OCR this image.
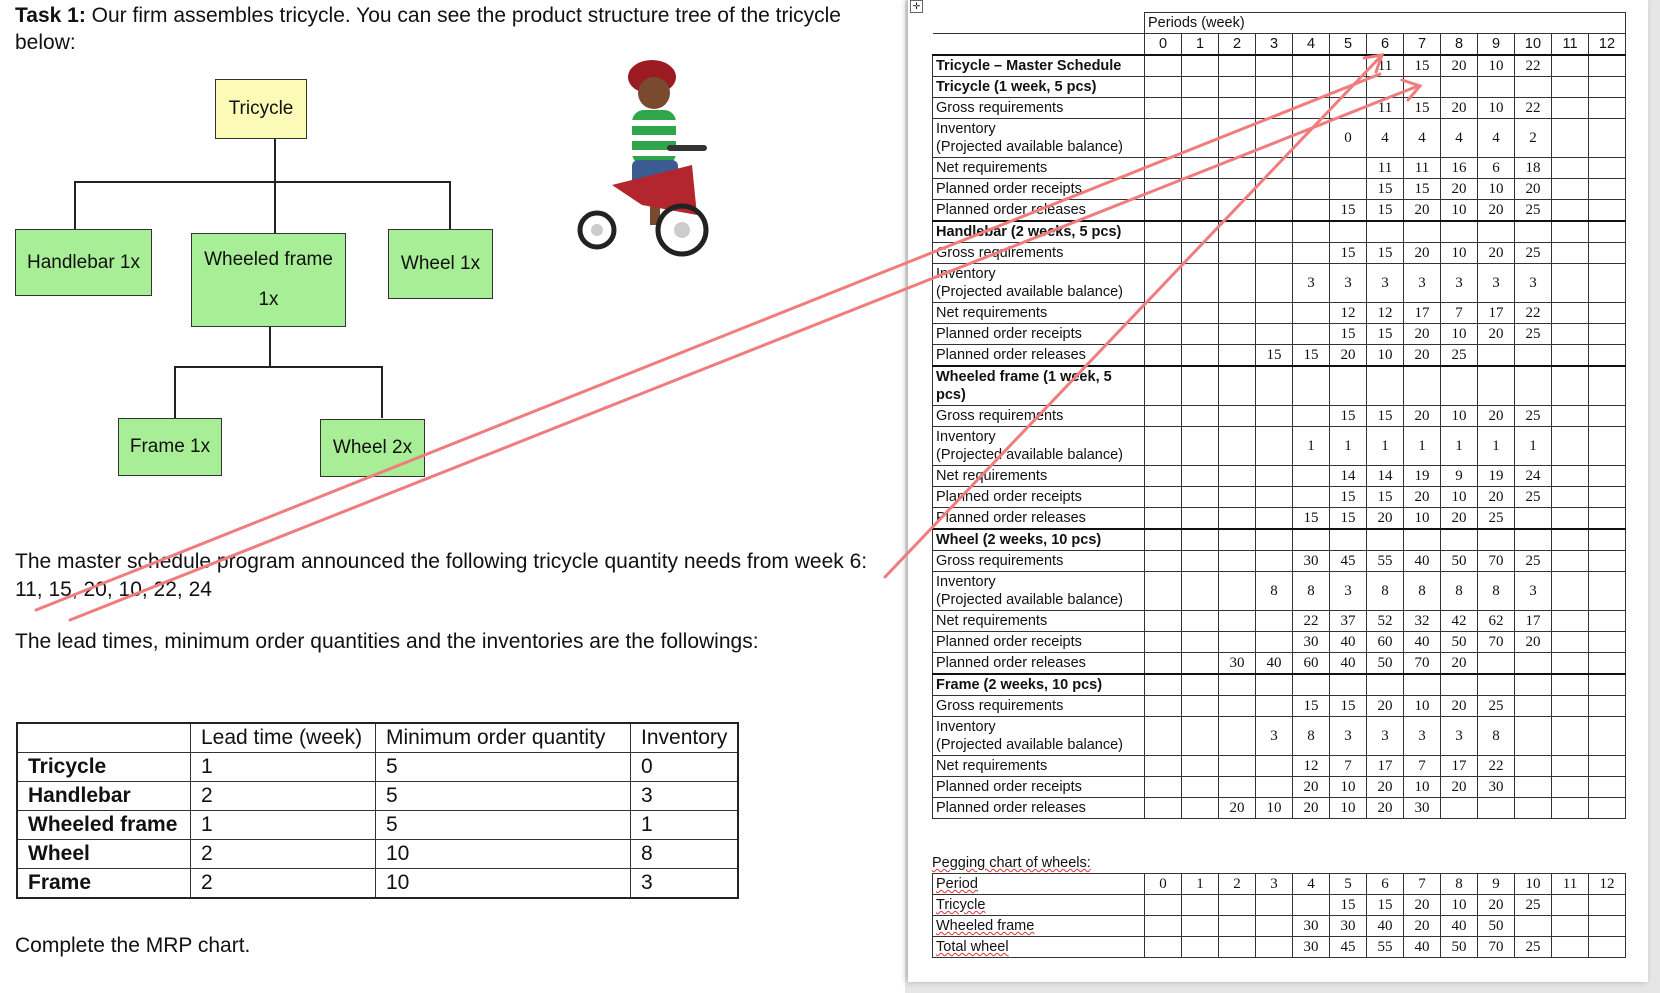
Task 1: Our firm assembles tricycle. You can see the product structure tree of the tricycle below:
Tricycle
Handlebar 1x	Wheeled frame

1x
Wheel 1x
Frame 1x	Wheel 2x
The master schedule program announced the following tricycle quantity needs from week 6: 11, 15, 20, 10, 22, 24
The lead times, minimum order quantities and the inventories are the followings:
	Lead time (week)	Minimum order quantity	Inventory
Tricycle	1	5	0
Handlebar	2	5	3
Wheeled frame	1	5	1
Wheel	2	10	8
Frame	2	10	3
Complete the MRP chart.
✛
	Periods (week)												
	0	1	2	3	4	5	6	7	8	9	10	11	12
Tricycle – Master Schedule							11	15	20	10	22		
Tricycle (1 week, 5 pcs)													
Gross requirements							11	15	20	10	22		
Inventory
(Projected available balance)						0	4	4	4	4	2		
Net requirements							11	11	16	6	18		
Planned order receipts							15	15	20	10	20		
Planned order releases						15	15	20	10	20	25		
Handlebar (2 weeks, 5 pcs)													
Gross requirements						15	15	20	10	20	25		
Inventory
(Projected available balance)					3	3	3	3	3	3	3		
Net requirements						12	12	17	7	17	22		
Planned order receipts						15	15	20	10	20	25		
Planned order releases				15	15	20	10	20	25				
Wheeled frame (1 week, 5 pcs)													
Gross requirements						15	15	20	10	20	25		
Inventory
(Projected available balance)					1	1	1	1	1	1	1		
Net requirements						14	14	19	9	19	24		
Planned order receipts						15	15	20	10	20	25		
Planned order releases					15	15	20	10	20	25			
Wheel (2 weeks, 10 pcs)													
Gross requirements					30	45	55	40	50	70	25		
Inventory
(Projected available balance)				8	8	3	8	8	8	8	3		
Net requirements					22	37	52	32	42	62	17		
Planned order receipts					30	40	60	40	50	70	20		
Planned order releases			30	40	60	40	50	70	20				
Frame (2 weeks, 10 pcs)													
Gross requirements					15	15	20	10	20	25			
Inventory
(Projected available balance)				3	8	3	3	3	3	8			
Net requirements					12	7	17	7	17	22			
Planned order receipts					20	10	20	10	20	30			
Planned order releases			20	10	20	10	20	30					
Pegging chart of wheels:
Period	0	1	2	3	4	5	6	7	8	9	10	11	12
Tricycle						15	15	20	10	20	25		
Wheeled frame					30	30	40	20	40	50			
Total wheel					30	45	55	40	50	70	25		
